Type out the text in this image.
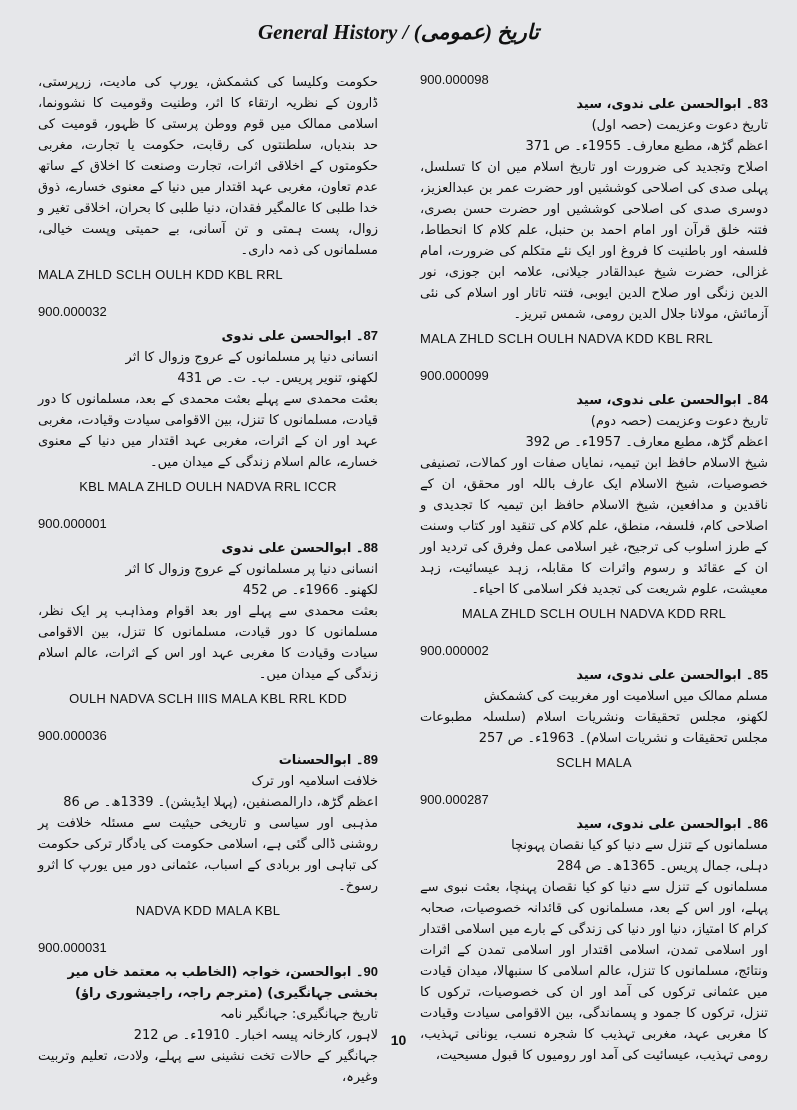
General History / تاریخ (عمومی)

حکومت وکلیسا کی کشمکش، یورپ کی مادیت، زرپرستی، ڈارون کے نظریہ ارتقاء کا اثر، وطنیت وقومیت کا نشوونما، اسلامی ممالک میں قوم ووطن پرستی کا ظہور، قومیت کی حد بندیاں، سلطنتوں کی رقابت، حکومت یا تجارت، مغربی حکومتوں کے اخلاقی اثرات، تجارت وصنعت کا اخلاق کے ساتھ عدم تعاون، مغربی عہد اقتدار میں دنیا کے معنوی خسارے، ذوق خدا طلبی کا عالمگیر فقدان، دنیا طلبی کا بحران، اخلاقی تغیر و زوال، پست ہمتی و تن آسانی، بے حمیتی وپست خیالی، مسلمانوں کی ذمہ داری۔

MALA ZHLD SCLH OULH KDD KBL RRL
900.000032

87۔ ابوالحسن علی ندوی

انسانی دنیا پر مسلمانوں کے عروج وزوال کا اثر

لکھنو، تنویر پریس۔ ب۔ ت۔ ص 431

بعثت محمدی سے پہلے بعثت محمدی کے بعد، مسلمانوں کا دور قیادت، مسلمانوں کا تنزل، بین الاقوامی سیادت وقیادت، مغربی عہد اور ان کے اثرات، مغربی عہد اقتدار میں دنیا کے معنوی خسارے، عالم اسلام زندگی کے میدان میں۔

KBL MALA ZHLD OULH NADVA RRL ICCR
900.000001

88۔ ابوالحسن علی ندوی

انسانی دنیا پر مسلمانوں کے عروج وزوال کا اثر

لکھنو۔ 1966ء۔ ص 452

بعثت محمدی سے پہلے اور بعد اقوام ومذاہب پر ایک نظر، مسلمانوں کا دور قیادت، مسلمانوں کا تنزل، بین الاقوامی سیادت وقیادت کا مغربی عہد اور اس کے اثرات، عالم اسلام زندگی کے میدان میں۔

OULH NADVA SCLH IIIS MALA KBL RRL KDD
900.000036

89۔ ابوالحسنات

خلافت اسلامیہ اور ترک

اعظم گڑھ، دارالمصنفین، (پہلا ایڈیشن)۔ 1339ھ۔ ص 86

مذہبی اور سیاسی و تاریخی حیثیت سے مسئلہ خلافت پر روشنی ڈالی گئی ہے، اسلامی حکومت کی یادگار ترکی حکومت کی تباہی اور بربادی کے اسباب، عثمانی دور میں یورپ کا اثرو رسوخ۔

NADVA KDD MALA KBL
900.000031

90۔ ابوالحسن، خواجہ (الخاطب بہ معتمد خاں میر بخشی جہانگیری) (مترجم راجہ، راجیشوری راؤ)

تاریخ جہانگیری: جہانگیر نامہ

لاہور، کارخانہ پیسہ اخبار۔ 1910ء۔ ص 212

جہانگیر کے حالات تخت نشینی سے پہلے، ولادت، تعلیم وتربیت وغیرہ،

900.000098

83۔ ابوالحسن علی ندوی، سید

تاریخ دعوت وعزیمت (حصہ اول)

اعظم گڑھ، مطبع معارف۔ 1955ء۔ ص 371

اصلاح وتجدید کی ضرورت اور تاریخ اسلام میں ان کا تسلسل، پہلی صدی کی اصلاحی کوششیں اور حضرت عمر بن عبدالعزیز، دوسری صدی کی اصلاحی کوششیں اور حضرت حسن بصری، فتنہ خلق قرآن اور امام احمد بن حنبل، علم کلام کا انحطاط، فلسفہ اور باطنیت کا فروغ اور ایک نئے متکلم کی ضرورت، امام غزالی، حضرت شیخ عبدالقادر جیلانی، علامہ ابن جوزی، نور الدین زنگی اور صلاح الدین ایوبی، فتنہ تاتار اور اسلام کی نئی آزمائش، مولانا جلال الدین رومی، شمس تبریز۔

MALA ZHLD SCLH OULH NADVA KDD KBL RRL
900.000099

84۔ ابوالحسن علی ندوی، سید

تاریخ دعوت وعزیمت (حصہ دوم)

اعظم گڑھ، مطبع معارف۔ 1957ء۔ ص 392

شیخ الاسلام حافظ ابن تیمیہ، نمایاں صفات اور کمالات، تصنیفی خصوصیات، شیخ الاسلام ایک عارف باللہ اور محقق، ان کے ناقدین و مدافعین، شیخ الاسلام حافظ ابن تیمیہ کا تجدیدی و اصلاحی کام، فلسفہ، منطق، علم کلام کی تنقید اور کتاب وسنت کے طرز اسلوب کی ترجیح، غیر اسلامی عمل وفرق کی تردید اور ان کے عقائد و رسوم واثرات کا مقابلہ، زہد عیسائیت، زہد معیشت، علوم شریعت کی تجدید فکر اسلامی کا احیاء۔

MALA ZHLD SCLH OULH NADVA KDD RRL
900.000002

85۔ ابوالحسن علی ندوی، سید

مسلم ممالک میں اسلامیت اور مغربیت کی کشمکش

لکھنو، مجلس تحقیقات ونشریات اسلام (سلسلہ مطبوعات مجلس تحقیقات و نشریات اسلام)۔ 1963ء۔ ص 257

SCLH MALA
900.000287

86۔ ابوالحسن علی ندوی، سید

مسلمانوں کے تنزل سے دنیا کو کیا نقصان پہونچا

دہلی، جمال پریس۔ 1365ھ۔ ص 284

مسلمانوں کے تنزل سے دنیا کو کیا نقصان پہنچا، بعثت نبوی سے پہلے، اور اس کے بعد، مسلمانوں کی قائدانہ خصوصیات، صحابہ کرام کا امتیاز، دنیا اور دنیا کی زندگی کے بارے میں اسلامی اقتدار اور اسلامی تمدن، اسلامی اقتدار اور اسلامی تمدن کے اثرات ونتائج، مسلمانوں کا تنزل، عالم اسلامی کا سنبھالا، میدان قیادت میں عثمانی ترکوں کی آمد اور ان کی خصوصیات، ترکوں کا تنزل، ترکوں کا جمود و پسماندگی، بین الاقوامی سیادت وقیادت کا مغربی عہد، مغربی تہذیب کا شجرہ نسب، یونانی تہذیب، رومی تہذیب، عیسائیت کی آمد اور رومیوں کا قبول مسیحیت،

10
